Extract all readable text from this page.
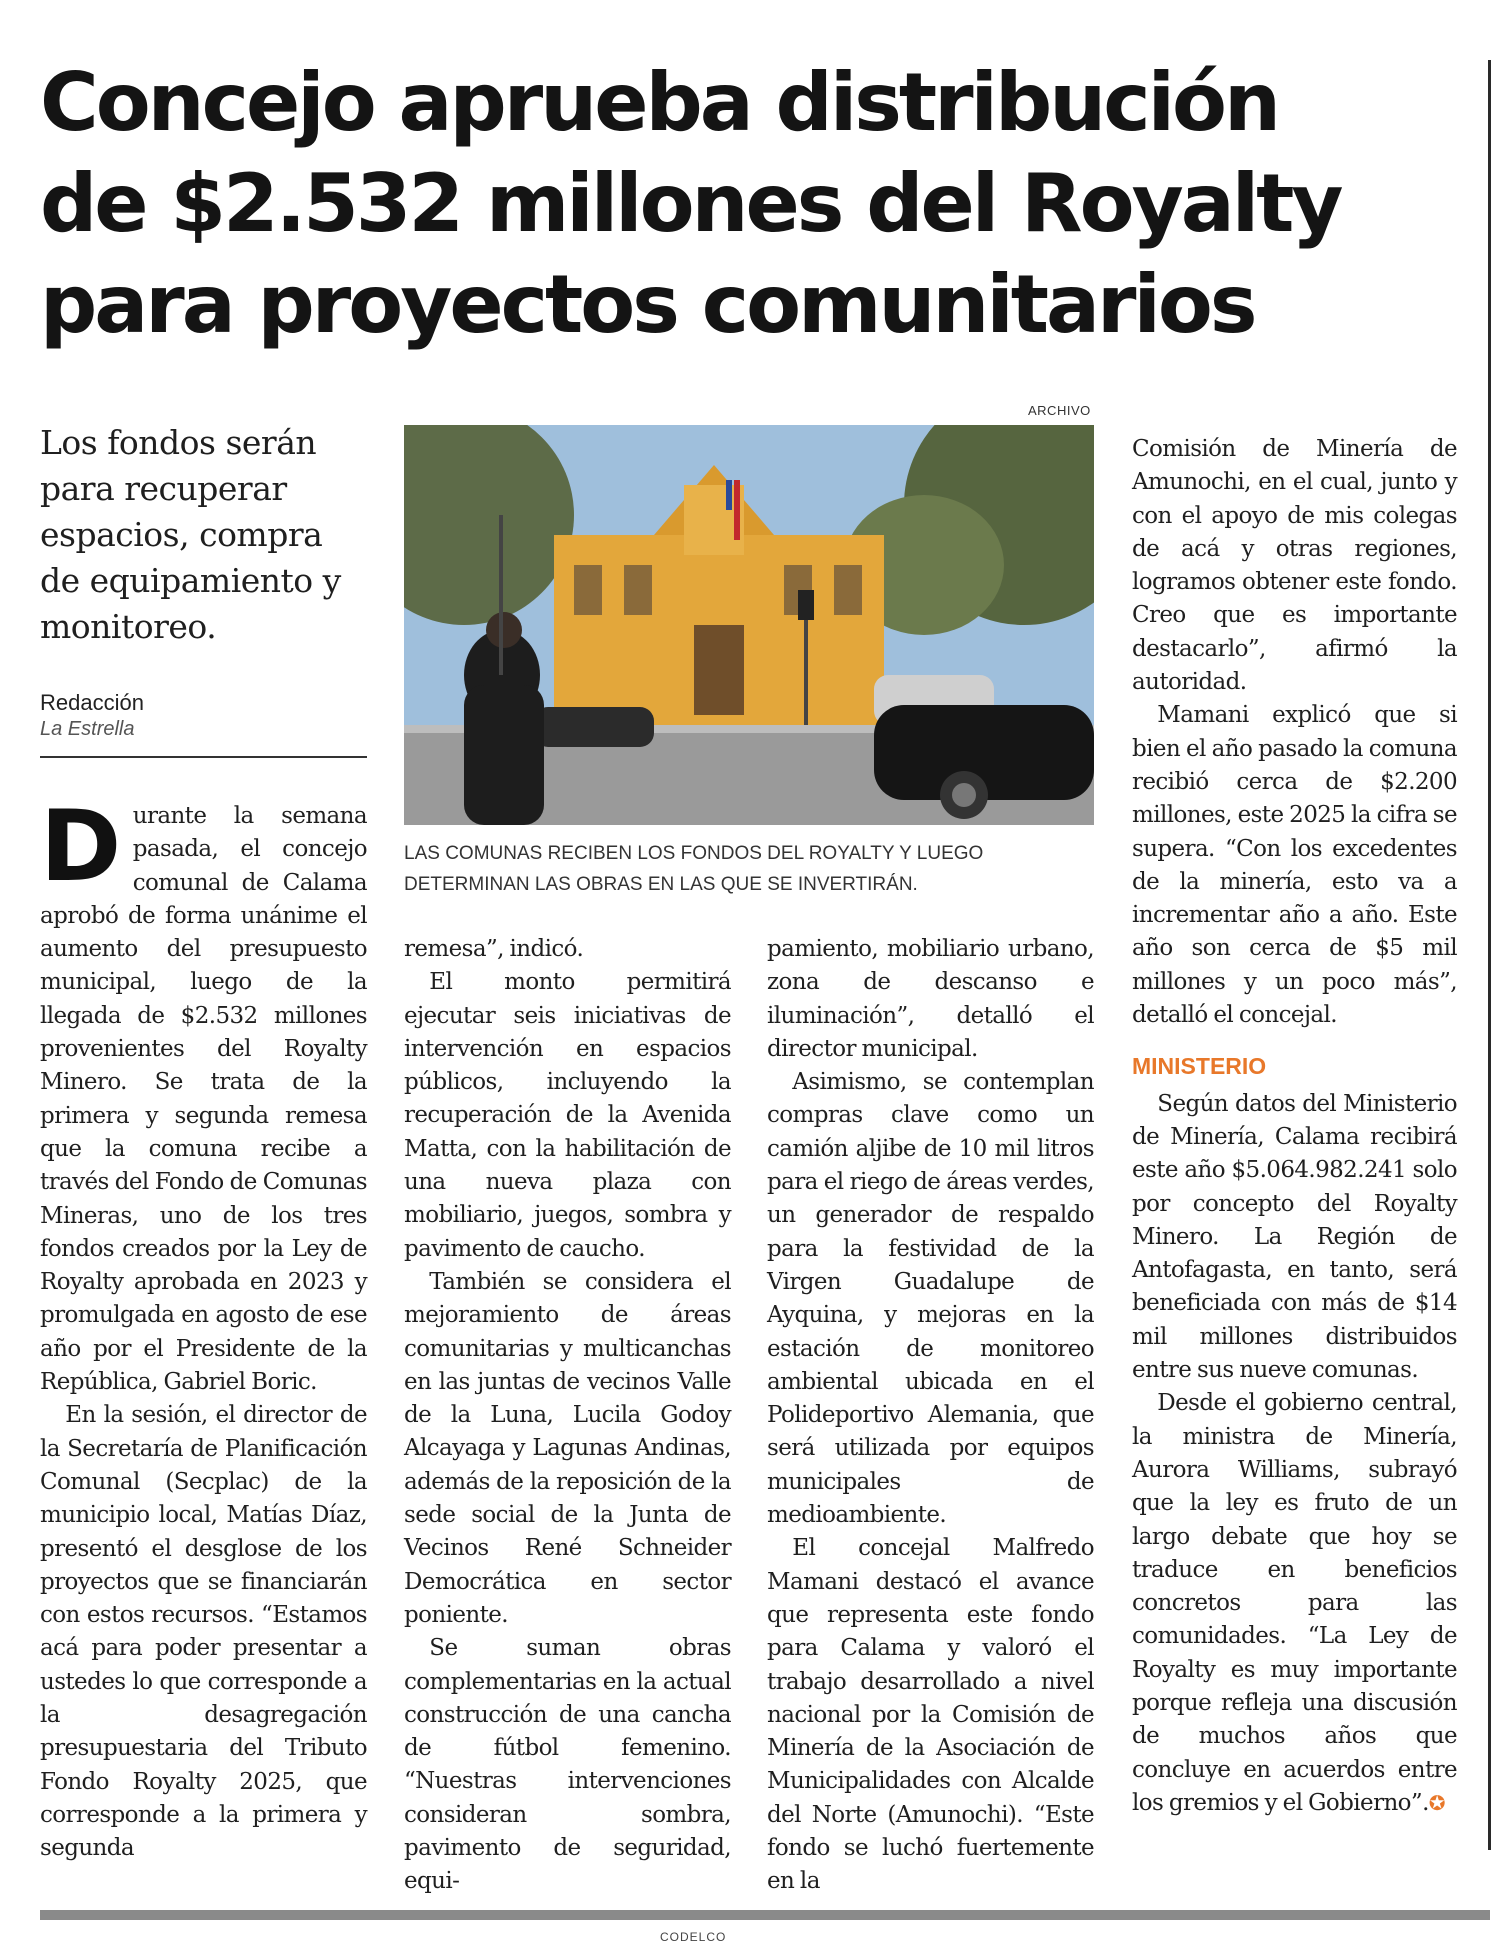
Concejo aprueba distribución
de $2.532 millones del Royalty
para proyectos comunitarios
Los fondos serán para recuperar espacios, compra de equipamiento y monitoreo.
Redacción
La Estrella
ARCHIVO
LAS COMUNAS RECIBEN LOS FONDOS DEL ROYALTY Y LUEGO DETERMINAN LAS OBRAS EN LAS QUE SE INVERTIRÁN.
D urante la semana pasada, el concejo comunal de Calama aprobó de forma unánime el aumento del presupuesto municipal, luego de la llegada de $2.532 millones provenientes del Royalty Minero. Se trata de la primera y segunda remesa que la comuna recibe a través del Fondo de Comunas Mineras, uno de los tres fondos creados por la Ley de Royalty aprobada en 2023 y promulgada en agosto de ese año por el Presidente de la República, Gabriel Boric.

En la sesión, el director de la Secretaría de Planificación Comunal (Secplac) de la municipio local, Matías Díaz, presentó el desglose de los proyectos que se financiarán con estos recursos. “Estamos acá para poder presentar a ustedes lo que corresponde a la desagregación presupuestaria del Tributo Fondo Royalty 2025, que corresponde a la primera y segunda

remesa”, indicó.

El monto permitirá ejecutar seis iniciativas de intervención en espacios públicos, incluyendo la recuperación de la Avenida Matta, con la habilitación de una nueva plaza con mobiliario, juegos, sombra y pavimento de caucho.

También se considera el mejoramiento de áreas comunitarias y multicanchas en las juntas de vecinos Valle de la Luna, Lucila Godoy Alcayaga y Lagunas Andinas, además de la reposición de la sede social de la Junta de Vecinos René Schneider Democrática en sector poniente.

Se suman obras complementarias en la actual construcción de una cancha de fútbol femenino. “Nuestras intervenciones consideran sombra, pavimento de seguridad, equi-

pamiento, mobiliario urbano, zona de descanso e iluminación”, detalló el director municipal.

Asimismo, se contemplan compras clave como un camión aljibe de 10 mil litros para el riego de áreas verdes, un generador de respaldo para la festividad de la Virgen Guadalupe de Ayquina, y mejoras en la estación de monitoreo ambiental ubicada en el Polideportivo Alemania, que será utilizada por equipos municipales de medioambiente.

El concejal Malfredo Mamani destacó el avance que representa este fondo para Calama y valoró el trabajo desarrollado a nivel nacional por la Comisión de Minería de la Asociación de Municipalidades con Alcalde del Norte (Amunochi). “Este fondo se luchó fuertemente en la

Comisión de Minería de Amunochi, en el cual, junto y con el apoyo de mis colegas de acá y otras regiones, logramos obtener este fondo. Creo que es importante destacarlo”, afirmó la autoridad.

Mamani explicó que si bien el año pasado la comuna recibió cerca de $2.200 millones, este 2025 la cifra se supera. “Con los excedentes de la minería, esto va a incrementar año a año. Este año son cerca de $5 mil millones y un poco más”, detalló el concejal.

MINISTERIO

Según datos del Ministerio de Minería, Calama recibirá este año $5.064.982.241 solo por concepto del Royalty Minero. La Región de Antofagasta, en tanto, será beneficiada con más de $14 mil millones distribuidos entre sus nueve comunas.

Desde el gobierno central, la ministra de Minería, Aurora Williams, subrayó que la ley es fruto de un largo debate que hoy se traduce en beneficios concretos para las comunidades. “La Ley de Royalty es muy importante porque refleja una discusión de muchos años que concluye en acuerdos entre los gremios y el Gobierno”.✪

CODELCO
